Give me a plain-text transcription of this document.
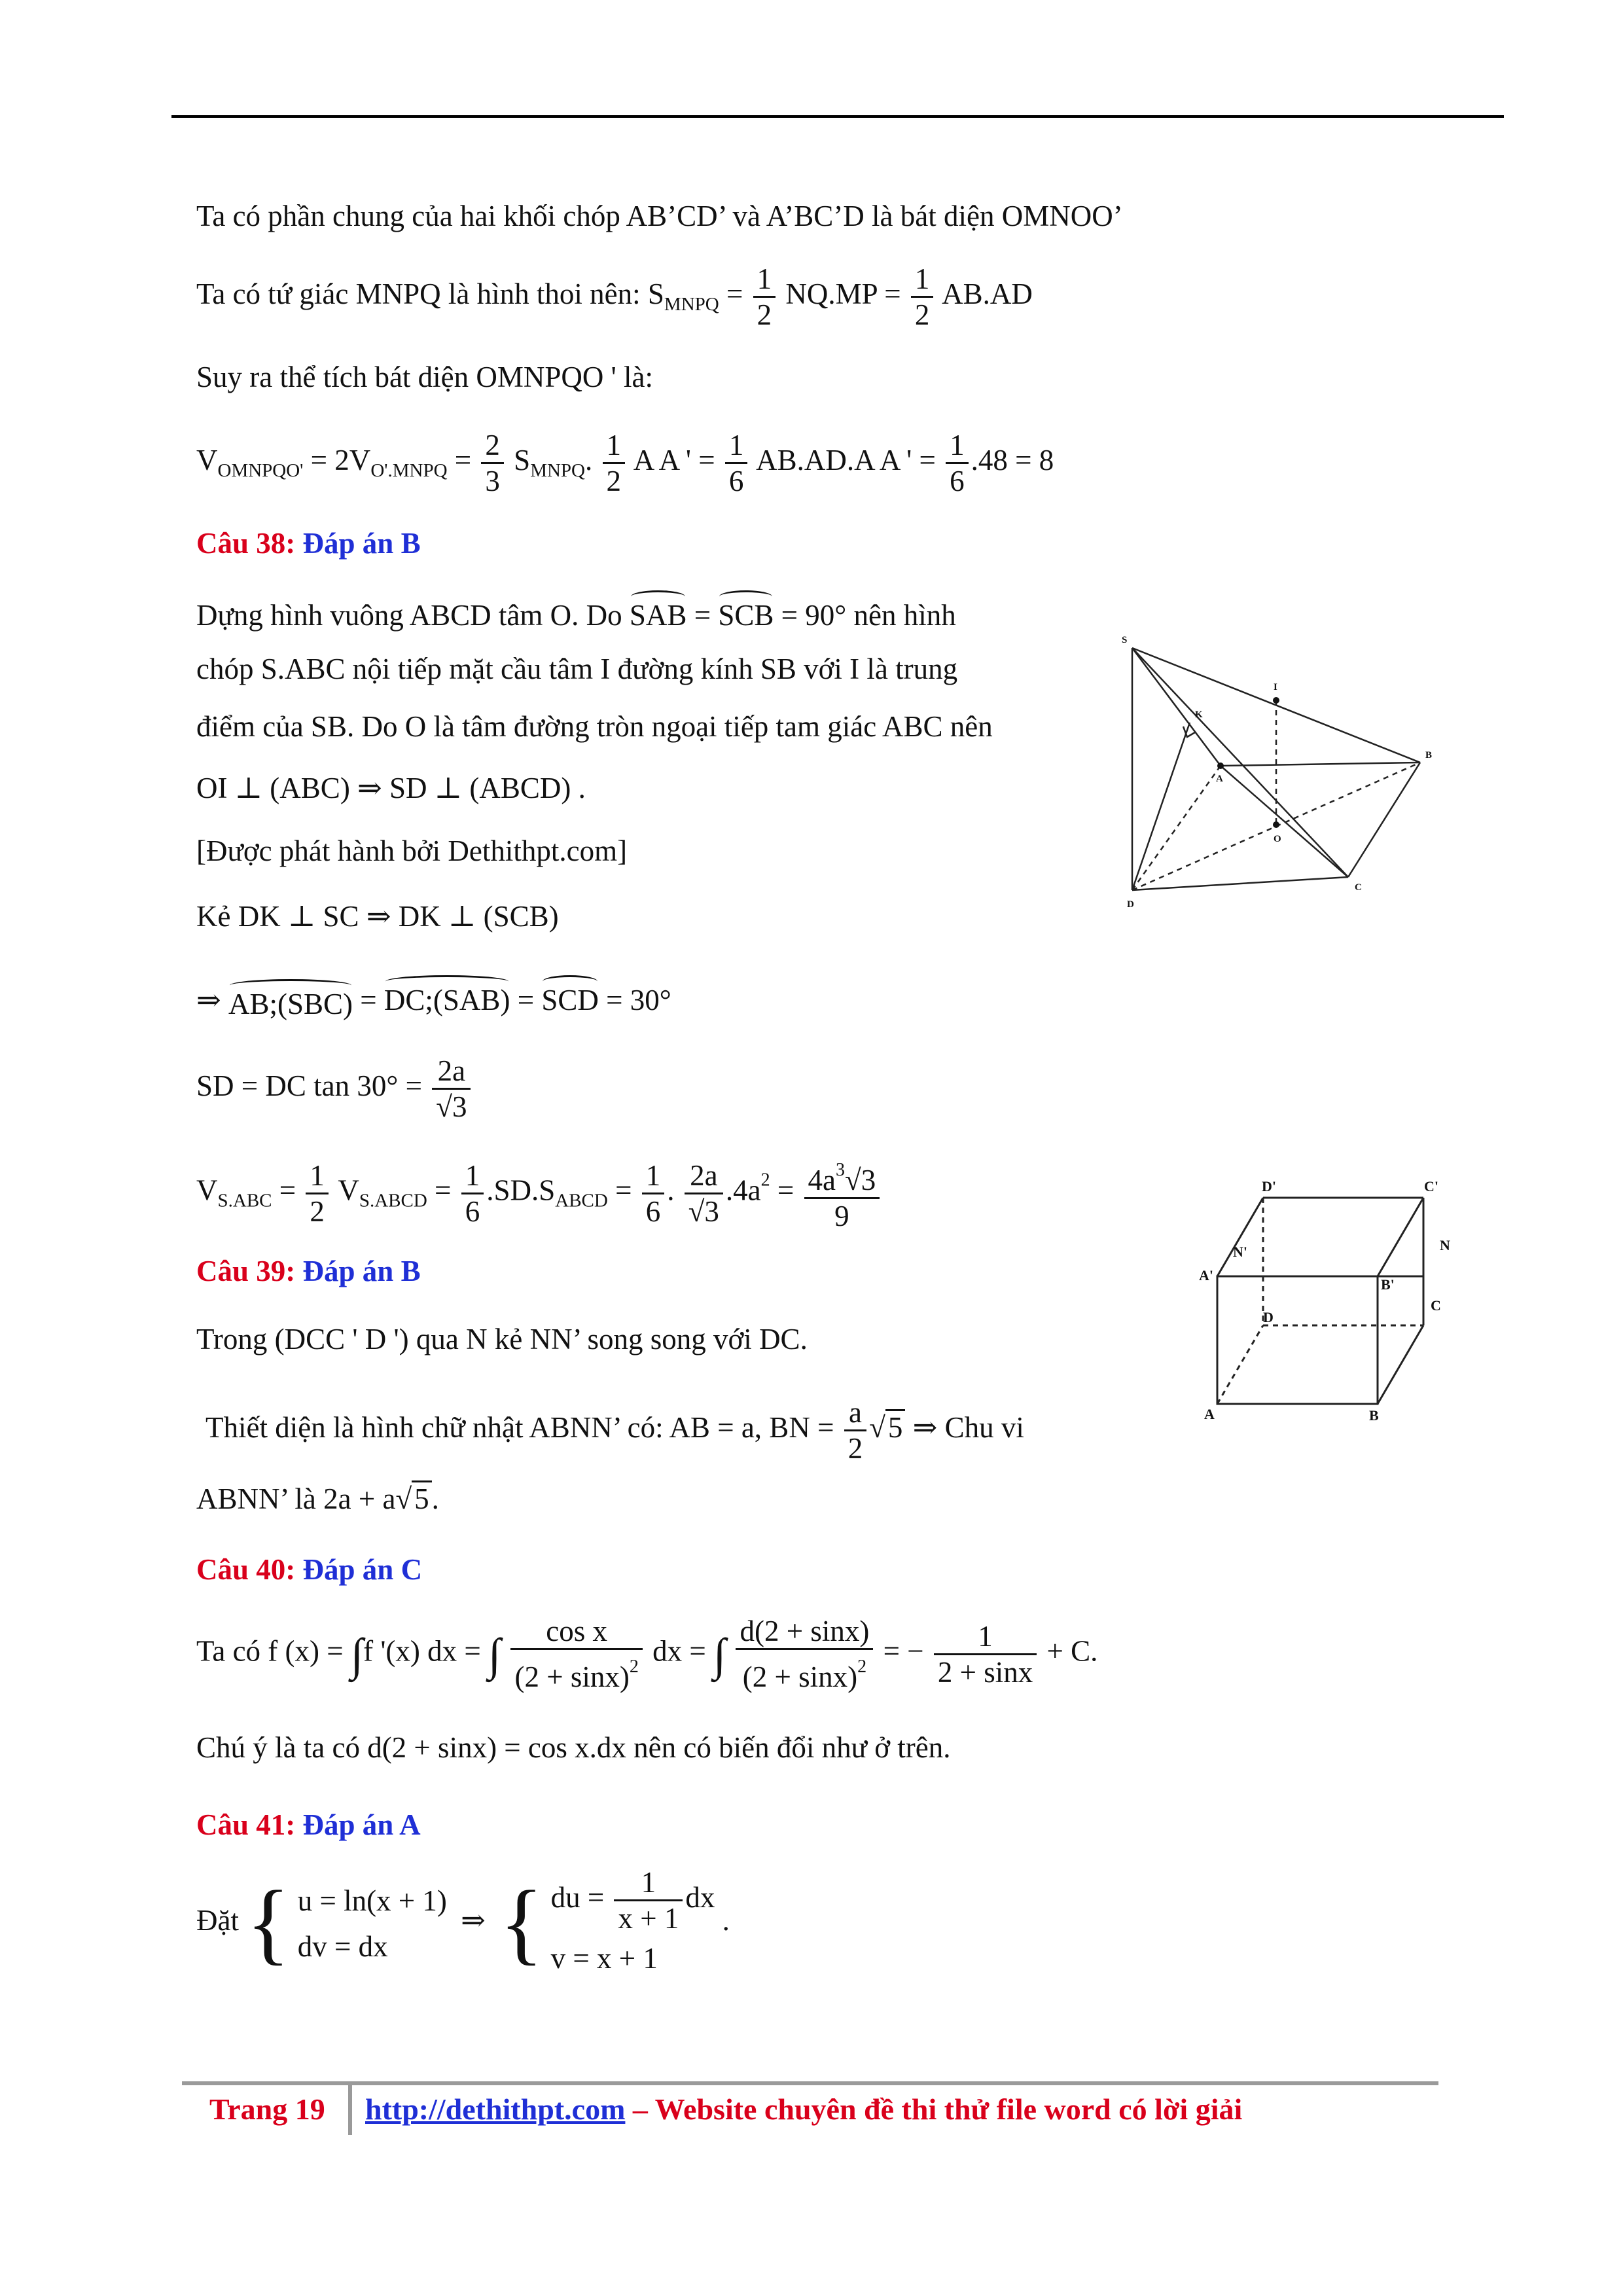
Ta có phần chung của hai khối chóp AB’CD’ và A’BC’D là bát diện OMNOO’
Ta có tứ giác MNPQ là hình thoi nên: $S_{MNPQ} = \frac{1}{2} NQ.MP = \frac{1}{2} AB.AD$
Suy ra thể tích bát diện OMNPQO ' là:
$V_{OMNPQO'} = 2V_{O'.MNPQ} = \frac{2}{3} S_{MNPQ}$. $\frac{1}{2}$ A A ' = $\frac{1}{6} AB.AD.A$ A ' = $\frac{1}{6} .48 = 8$
Câu 38: Đáp án B
Dựng hình vuông ABCD tâm O. Do SAB = SCB = 90° nên hình
chóp S.ABC nội tiếp mặt cầu tâm I đường kính SB với I là trung
điểm của SB. Do O là tâm đường tròn ngoại tiếp tam giác ABC nên
OI ⊥ (ABC) ⇒ SD ⊥ (ABCD) .
[Được phát hành bởi Dethithpt.com]
Kẻ DK ⊥ SC ⇒ DK ⊥ (SCB)
⇒ AB;(SBC) = DC;(SAB) = SCD = 30°
SD = DC $\tan 30^\circ = \frac{2a}{√3}$
$V_{S.ABC} = \frac{1}{2} V_{S.ABCD} = \frac{1}{6} .SD.S_{ABCD} = \frac{1}{6}$ . $\frac{2a}{√3} .4a^2 = \frac{4a^3√3}{9}$
S
I
K
A
B
O
C
D
Câu 39: Đáp án B
Trong (DCC ' D ') qua N kẻ NN’ song song với DC.
Thiết diện là hình chữ nhật ABNN’ có: AB = a, BN = $\frac{a}{2} √5$ ⇒ Chu vi
ABNN’ là 2a + a√5.
D'	C'
N'	N
A'
B'
C
D
A	B
Câu 40: Đáp án C
Ta có f (x) = ∫f '(x) dx = ∫ $\frac{\text{cos x}}{(2 + \sin x)^2}$ dx = ∫ $\frac{d(2 + \sin x)}{(2 + \sin x)^2}$ = − $\frac{1}{2 + \sin x} + C$.
Chú ý là ta có d(2 + sinx) = cos x.dx nên có biến đổi như ở trên.
Câu 41: Đáp án A
Đặt { u = ln(x + 1)
dv = dx
⇒ { du = $\frac{1}{x + 1}$ dx
v = x + 1
.
Trang 19 http://dethithpt.com – Website chuyên đề thi thử file word có lời giải
